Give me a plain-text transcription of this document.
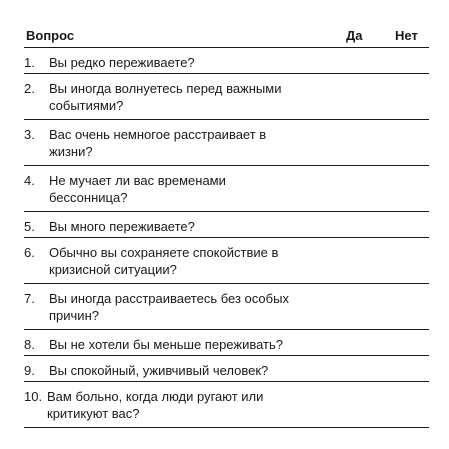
Вопрос	Да	Нет
1.	Вы редко переживаете?
2.	Вы иногда волнуетесь перед важными событиями?
3.	Вас очень немногое расстраивает в жизни?
4.	Не мучает ли вас временами бессонница?
5.	Вы много переживаете?
6.	Обычно вы сохраняете спокойствие в кризисной ситуации?
7.	Вы иногда расстраиваетесь без особых причин?
8.	Вы не хотели бы меньше переживать?
9.	Вы спокойный, уживчивый человек?
10. Вам больно, когда люди ругают или критикуют вас?
